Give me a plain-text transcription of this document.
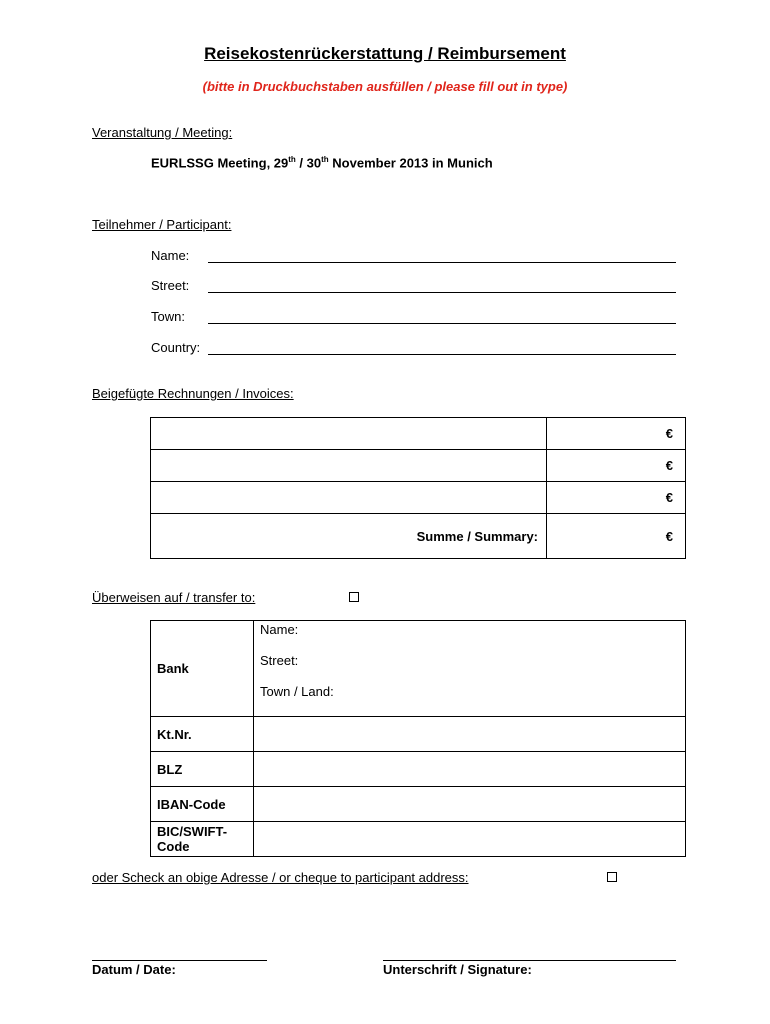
Reisekostenrückerstattung / Reimbursement
(bitte in Druckbuchstaben ausfüllen / please fill out in type)
Veranstaltung / Meeting:
EURLSSG Meeting, 29th / 30th November 2013 in Munich
Teilnehmer / Participant:
Name:
Street:
Town:
Country:
Beigefügte Rechnungen / Invoices:
	€
	€
	€
Summe / Summary:	€
Überweisen auf / transfer to:
Bank	Name:
Street:
Town / Land:

Kt.Nr.	
BLZ	
IBAN-Code	

BIC/SWIFT-
Code	

oder Scheck an obige Adresse / or cheque to participant address:
Datum / Date:	Unterschrift / Signature:
